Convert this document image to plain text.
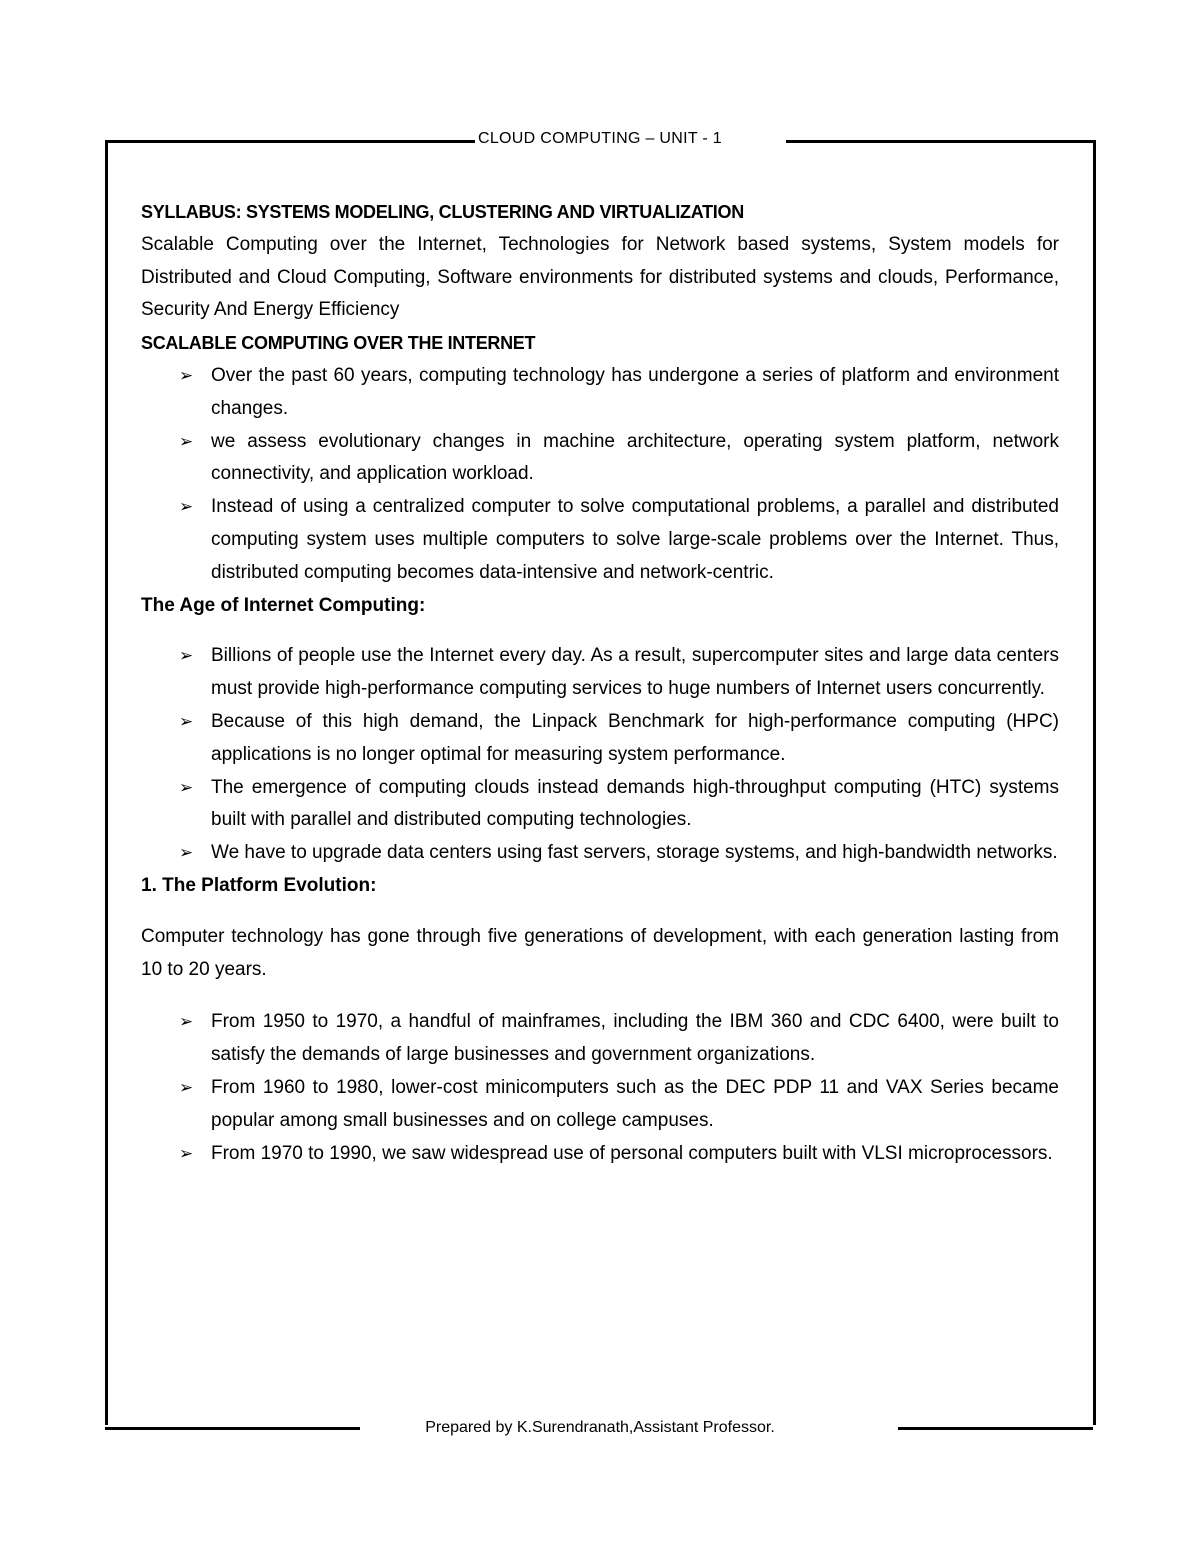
CLOUD COMPUTING – UNIT - 1

SYLLABUS: SYSTEMS MODELING, CLUSTERING AND VIRTUALIZATION

Scalable Computing over the Internet, Technologies for Network based systems, System models for Distributed and Cloud Computing, Software environments for distributed systems and clouds, Performance, Security And Energy Efficiency

SCALABLE COMPUTING OVER THE INTERNET

➢ Over the past 60 years, computing technology has undergone a series of platform and environment changes.
➢ we assess evolutionary changes in machine architecture, operating system platform, network connectivity, and application workload.
➢ Instead of using a centralized computer to solve computational problems, a parallel and distributed computing system uses multiple computers to solve large-scale problems over the Internet. Thus, distributed computing becomes data-intensive and network-centric.

The Age of Internet Computing:

➢ Billions of people use the Internet every day. As a result, supercomputer sites and large data centers must provide high-performance computing services to huge numbers of Internet users concurrently.
➢ Because of this high demand, the Linpack Benchmark for high-performance computing (HPC) applications is no longer optimal for measuring system performance.
➢ The emergence of computing clouds instead demands high-throughput computing (HTC) systems built with parallel and distributed computing technologies.
➢ We have to upgrade data centers using fast servers, storage systems, and high-bandwidth networks.

1. The Platform Evolution:

Computer technology has gone through five generations of development, with each generation lasting from 10 to 20 years.

➢ From 1950 to 1970, a handful of mainframes, including the IBM 360 and CDC 6400, were built to satisfy the demands of large businesses and government organizations.
➢ From 1960 to 1980, lower-cost minicomputers such as the DEC PDP 11 and VAX Series became popular among small businesses and on college campuses.
➢ From 1970 to 1990, we saw widespread use of personal computers built with VLSI microprocessors.
Prepared by K.Surendranath,Assistant Professor.
